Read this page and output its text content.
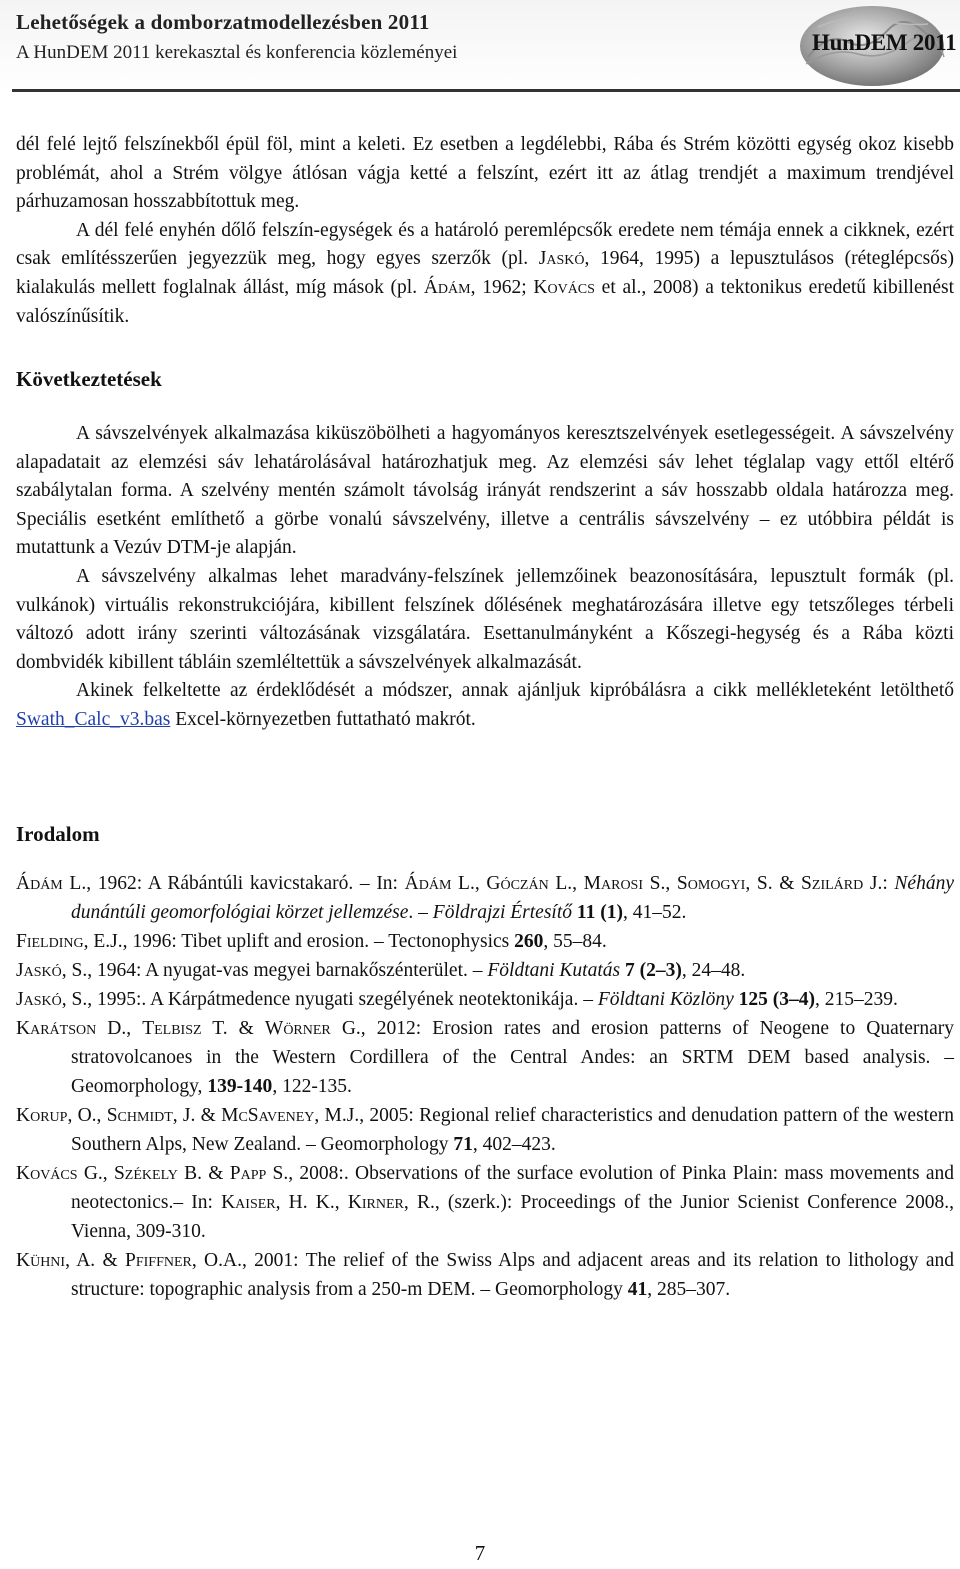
Lehetőségek a domborzatmodellezésben 2011
A HunDEM 2011 kerekasztal és konferencia közleményei	HunDEM 2011

dél felé lejtő felszínekből épül föl, mint a keleti. Ez esetben a legdélebbi, Rába és Strém közötti egység okoz kisebb problémát, ahol a Strém völgye átlósan vágja ketté a felszínt, ezért itt az átlag trendjét a maximum trendjével párhuzamosan hosszabbítottuk meg.

A dél felé enyhén dőlő felszín-egységek és a határoló peremlépcsők eredete nem témája ennek a cikknek, ezért csak említésszerűen jegyezzük meg, hogy egyes szerzők (pl. Jaskó, 1964, 1995) a lepusztulásos (réteglépcsős) kialakulás mellett foglalnak állást, míg mások (pl. Ádám, 1962; Kovács et al., 2008) a tektonikus eredetű kibillenést valószínűsítik.

Következtetések

A sávszelvények alkalmazása kiküszöbölheti a hagyományos keresztszelvények esetlegességeit. A sávszelvény alapadatait az elemzési sáv lehatárolásával határozhatjuk meg. Az elemzési sáv lehet téglalap vagy ettől eltérő szabálytalan forma. A szelvény mentén számolt távolság irányát rendszerint a sáv hosszabb oldala határozza meg. Speciális esetként említhető a görbe vonalú sávszelvény, illetve a centrális sávszelvény – ez utóbbira példát is mutattunk a Vezúv DTM-je alapján.

A sávszelvény alkalmas lehet maradvány-felszínek jellemzőinek beazonosítására, lepusztult formák (pl. vulkánok) virtuális rekonstrukciójára, kibillent felszínek dőlésének meghatározására illetve egy tetszőleges térbeli változó adott irány szerinti változásának vizsgálatára. Esettanulmányként a Kőszegi-hegység és a Rába közti dombvidék kibillent tábláin szemléltettük a sávszelvények alkalmazását.

Akinek felkeltette az érdeklődését a módszer, annak ajánljuk kipróbálásra a cikk mellékleteként letölthető Swath_Calc_v3.bas Excel-környezetben futtatható makrót.

Irodalom

Ádám L., 1962: A Rábántúli kavicstakaró. – In: Ádám L., Góczán L., Marosi S., Somogyi, S. & Szilárd J.: Néhány dunántúli geomorfológiai körzet jellemzése. – Földrajzi Értesítő 11 (1), 41–52.

Fielding, E.J., 1996: Tibet uplift and erosion. – Tectonophysics 260, 55–84.

Jaskó, S., 1964: A nyugat-vas megyei barnakőszénterület. – Földtani Kutatás 7 (2–3), 24–48.

Jaskó, S., 1995:. A Kárpátmedence nyugati szegélyének neotektonikája. – Földtani Közlöny 125 (3–4), 215–239.

Karátson D., Telbisz T. & Wörner G., 2012: Erosion rates and erosion patterns of Neogene to Quaternary stratovolcanoes in the Western Cordillera of the Central Andes: an SRTM DEM based analysis. – Geomorphology, 139-140, 122-135.

Korup, O., Schmidt, J. & McSaveney, M.J., 2005: Regional relief characteristics and denudation pattern of the western Southern Alps, New Zealand. – Geomorphology 71, 402–423.

Kovács G., Székely B. & Papp S., 2008:. Observations of the surface evolution of Pinka Plain: mass movements and neotectonics.– In: Kaiser, H. K., Kirner, R., (szerk.): Proceedings of the Junior Scienist Conference 2008., Vienna, 309-310.

Kühni, A. & Pfiffner, O.A., 2001: The relief of the Swiss Alps and adjacent areas and its relation to lithology and structure: topographic analysis from a 250-m DEM. – Geomorphology 41, 285–307.

7
